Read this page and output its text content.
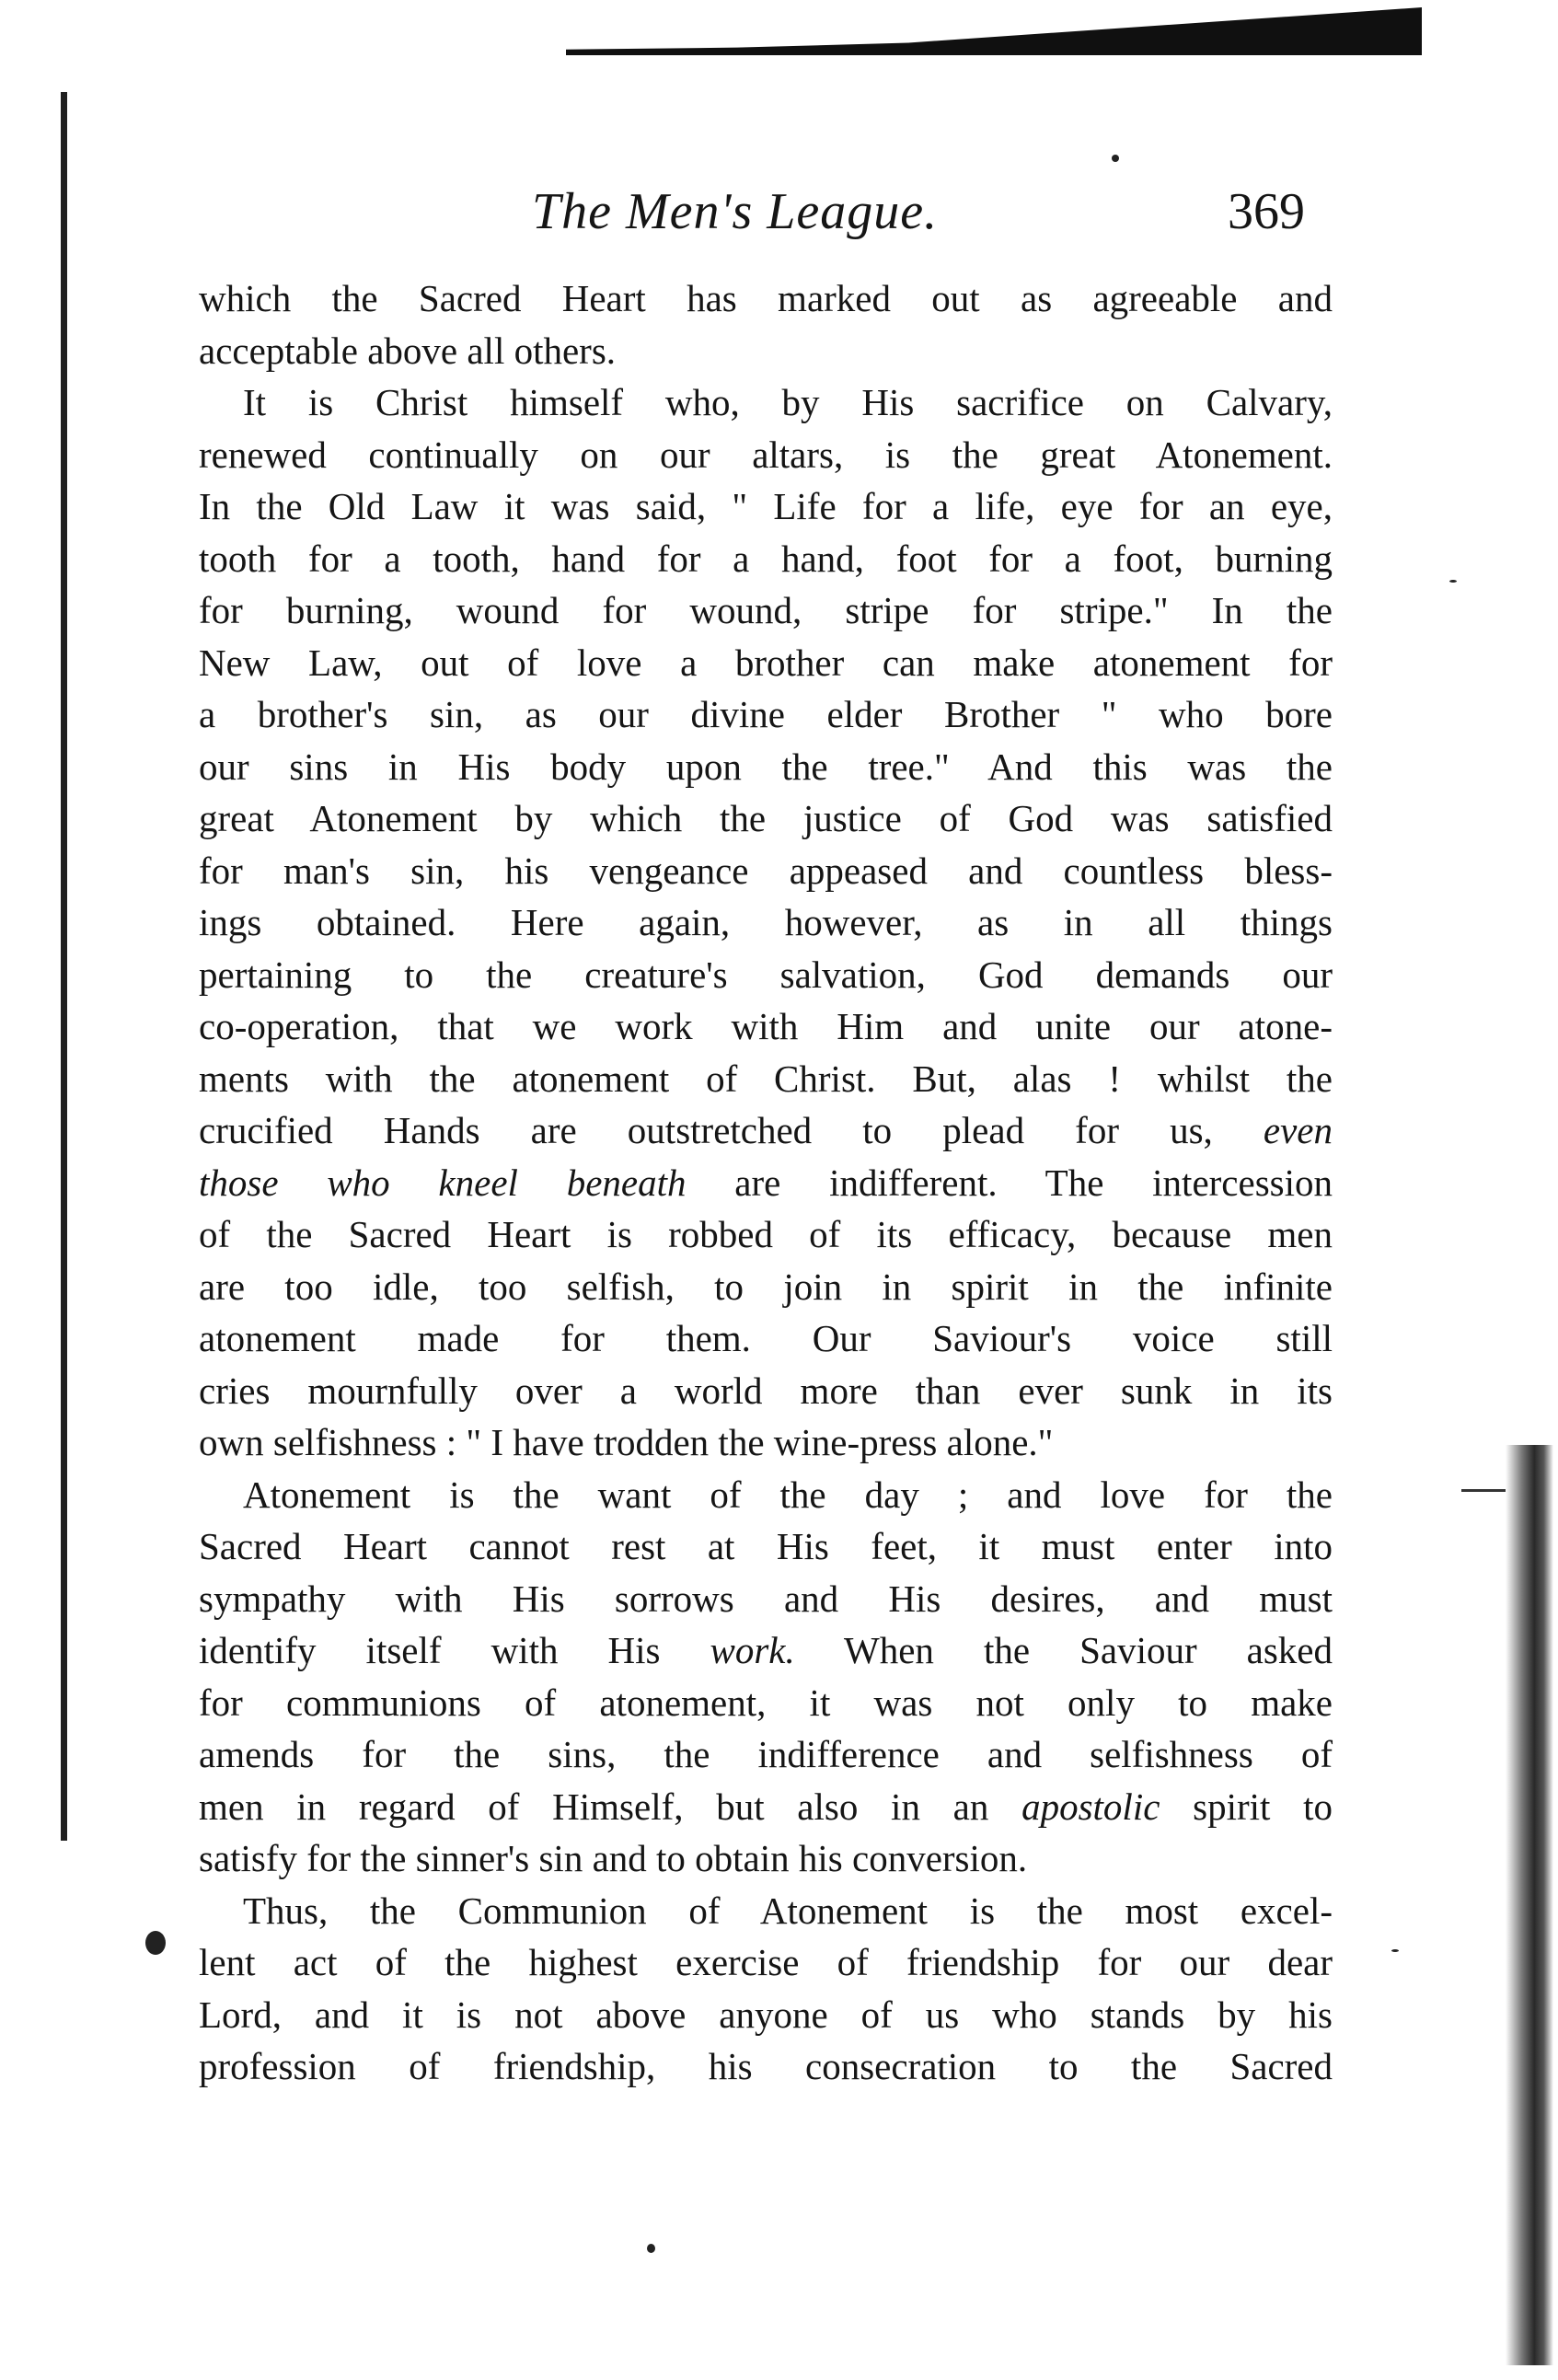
The Men's League.	369
which the Sacred Heart has marked out as agreeable and
acceptable above all others.
It is Christ himself who, by His sacrifice on Calvary,
renewed continually on our altars, is the great Atonement.
In the Old Law it was said, " Life for a life, eye for an eye,
tooth for a tooth, hand for a hand, foot for a foot, burning
for burning, wound for wound, stripe for stripe." In the
New Law, out of love a brother can make atonement for
a brother's sin, as our divine elder Brother " who bore
our sins in His body upon the tree." And this was the
great Atonement by which the justice of God was satisfied
for man's sin, his vengeance appeased and countless bless-
ings obtained. Here again, however, as in all things
pertaining to the creature's salvation, God demands our
co-operation, that we work with Him and unite our atone-
ments with the atonement of Christ. But, alas ! whilst the
crucified Hands are outstretched to plead for us, even
those who kneel beneath are indifferent. The intercession
of the Sacred Heart is robbed of its efficacy, because men
are too idle, too selfish, to join in spirit in the infinite
atonement made for them. Our Saviour's voice still
cries mournfully over a world more than ever sunk in its
own selfishness : " I have trodden the wine-press alone."
Atonement is the want of the day ; and love for the
Sacred Heart cannot rest at His feet, it must enter into
sympathy with His sorrows and His desires, and must
identify itself with His work. When the Saviour asked
for communions of atonement, it was not only to make
amends for the sins, the indifference and selfishness of
men in regard of Himself, but also in an apostolic spirit to
satisfy for the sinner's sin and to obtain his conversion.
Thus, the Communion of Atonement is the most excel-
lent act of the highest exercise of friendship for our dear
Lord, and it is not above anyone of us who stands by his
profession of friendship, his consecration to the Sacred
